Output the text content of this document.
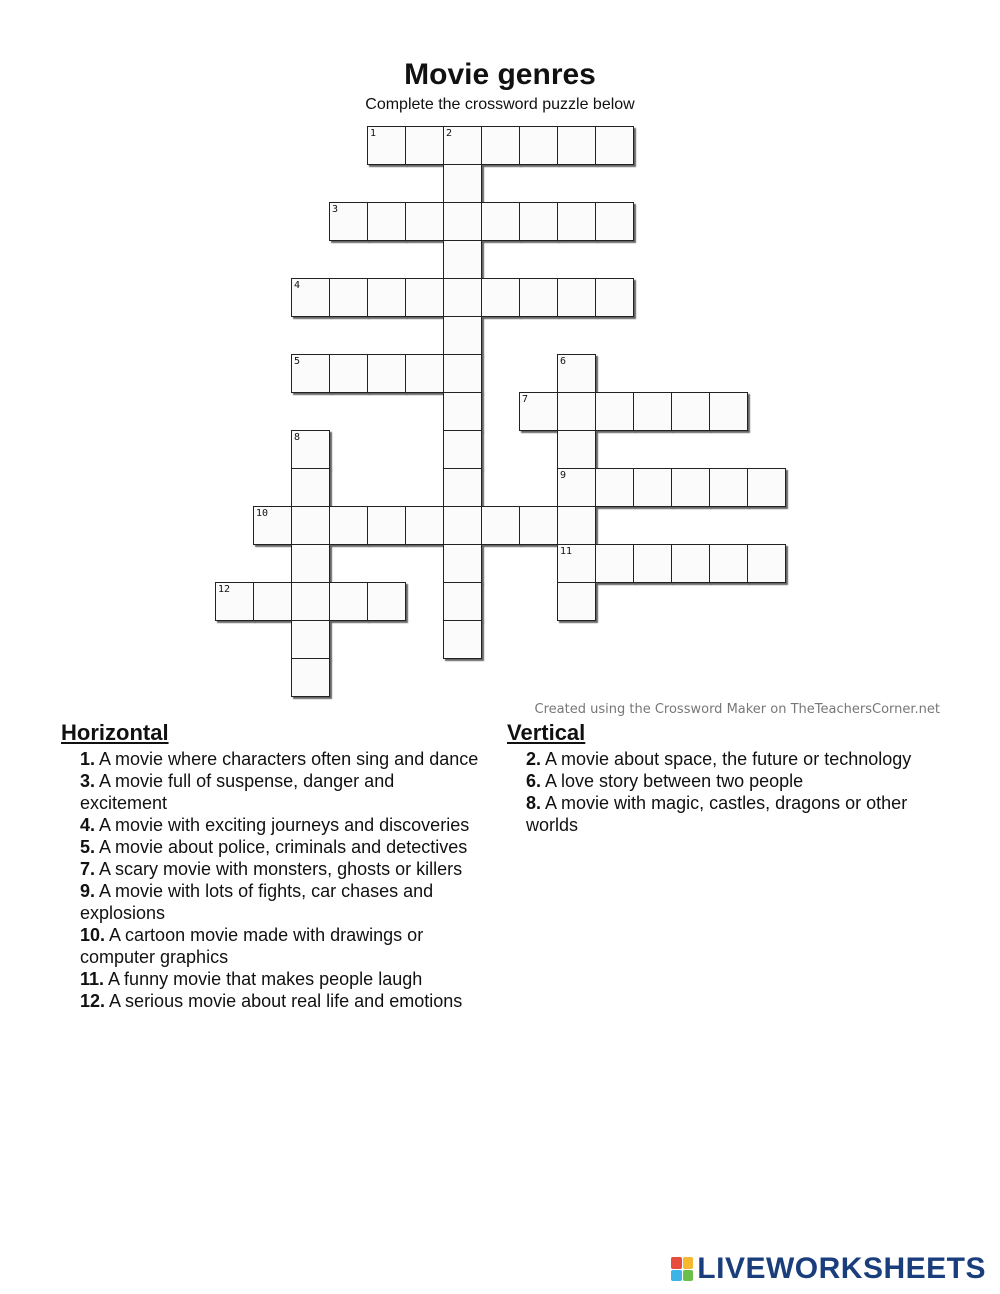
Movie genres
Complete the crossword puzzle below
1	2
3
4
5	6
7
8
9
10
11
12
Created using the Crossword Maker on TheTeachersCorner.net
Horizontal
1. A movie where characters often sing and dance
3. A movie full of suspense, danger and excitement
4. A movie with exciting journeys and discoveries
5. A movie about police, criminals and detectives
7. A scary movie with monsters, ghosts or killers
9. A movie with lots of fights, car chases and explosions
10. A cartoon movie made with drawings or computer graphics
11. A funny movie that makes people laugh
12. A serious movie about real life and emotions
Vertical
2. A movie about space, the future or technology
6. A love story between two people
8. A movie with magic, castles, dragons or other worlds
LIVEWORKSHEETS
